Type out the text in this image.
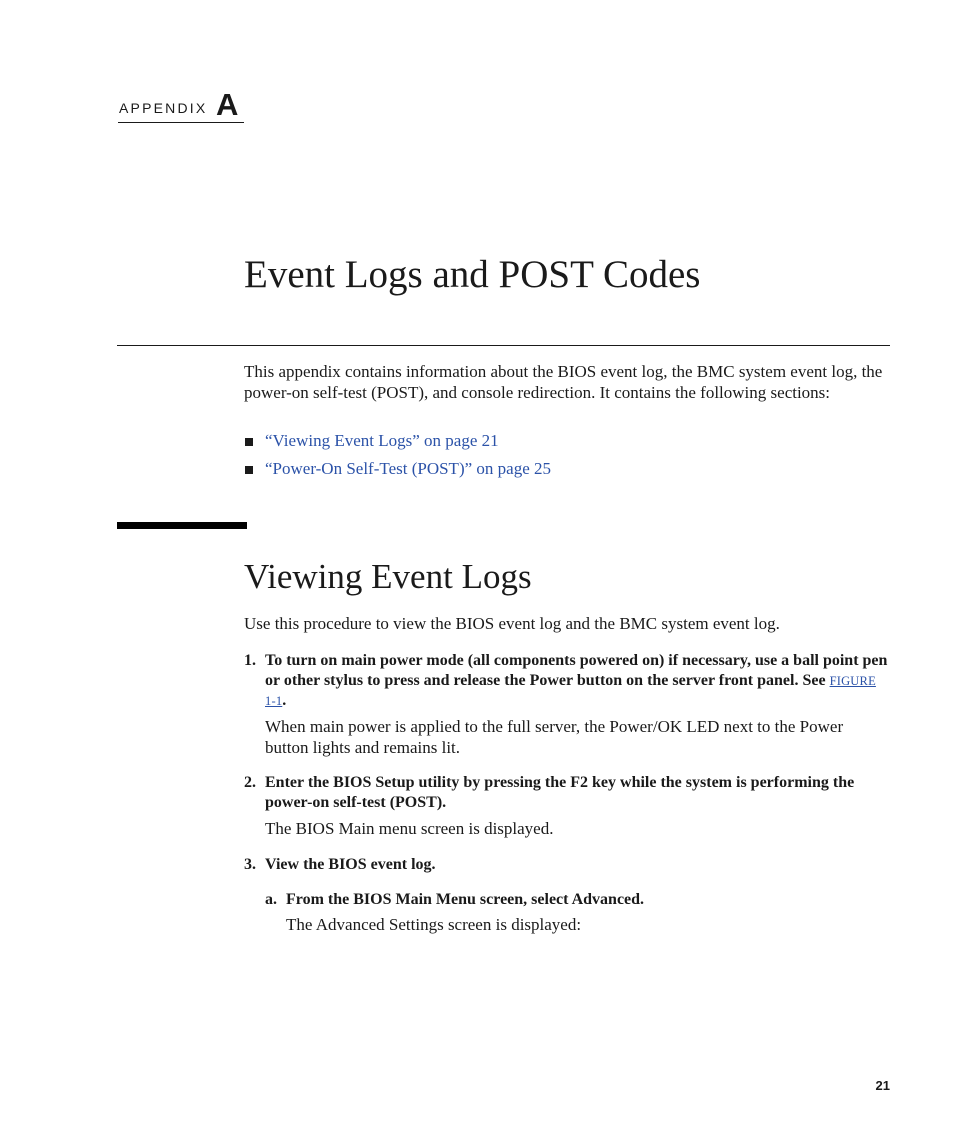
APPENDIX A
Event Logs and POST Codes

This appendix contains information about the BIOS event log, the BMC system event log, the power-on self-test (POST), and console redirection. It contains the following sections:

“Viewing Event Logs” on page 21
“Power-On Self-Test (POST)” on page 25
Viewing Event Logs

Use this procedure to view the BIOS event log and the BMC system event log.

1. To turn on main power mode (all components powered on) if necessary, use a ball point pen or other stylus to press and release the Power button on the server front panel. See FIGURE 1-1.

When main power is applied to the full server, the Power/OK LED next to the Power button lights and remains lit.

2. Enter the BIOS Setup utility by pressing the F2 key while the system is performing the power-on self-test (POST).

The BIOS Main menu screen is displayed.

3. View the BIOS event log.
a. From the BIOS Main Menu screen, select Advanced.

The Advanced Settings screen is displayed:

21
